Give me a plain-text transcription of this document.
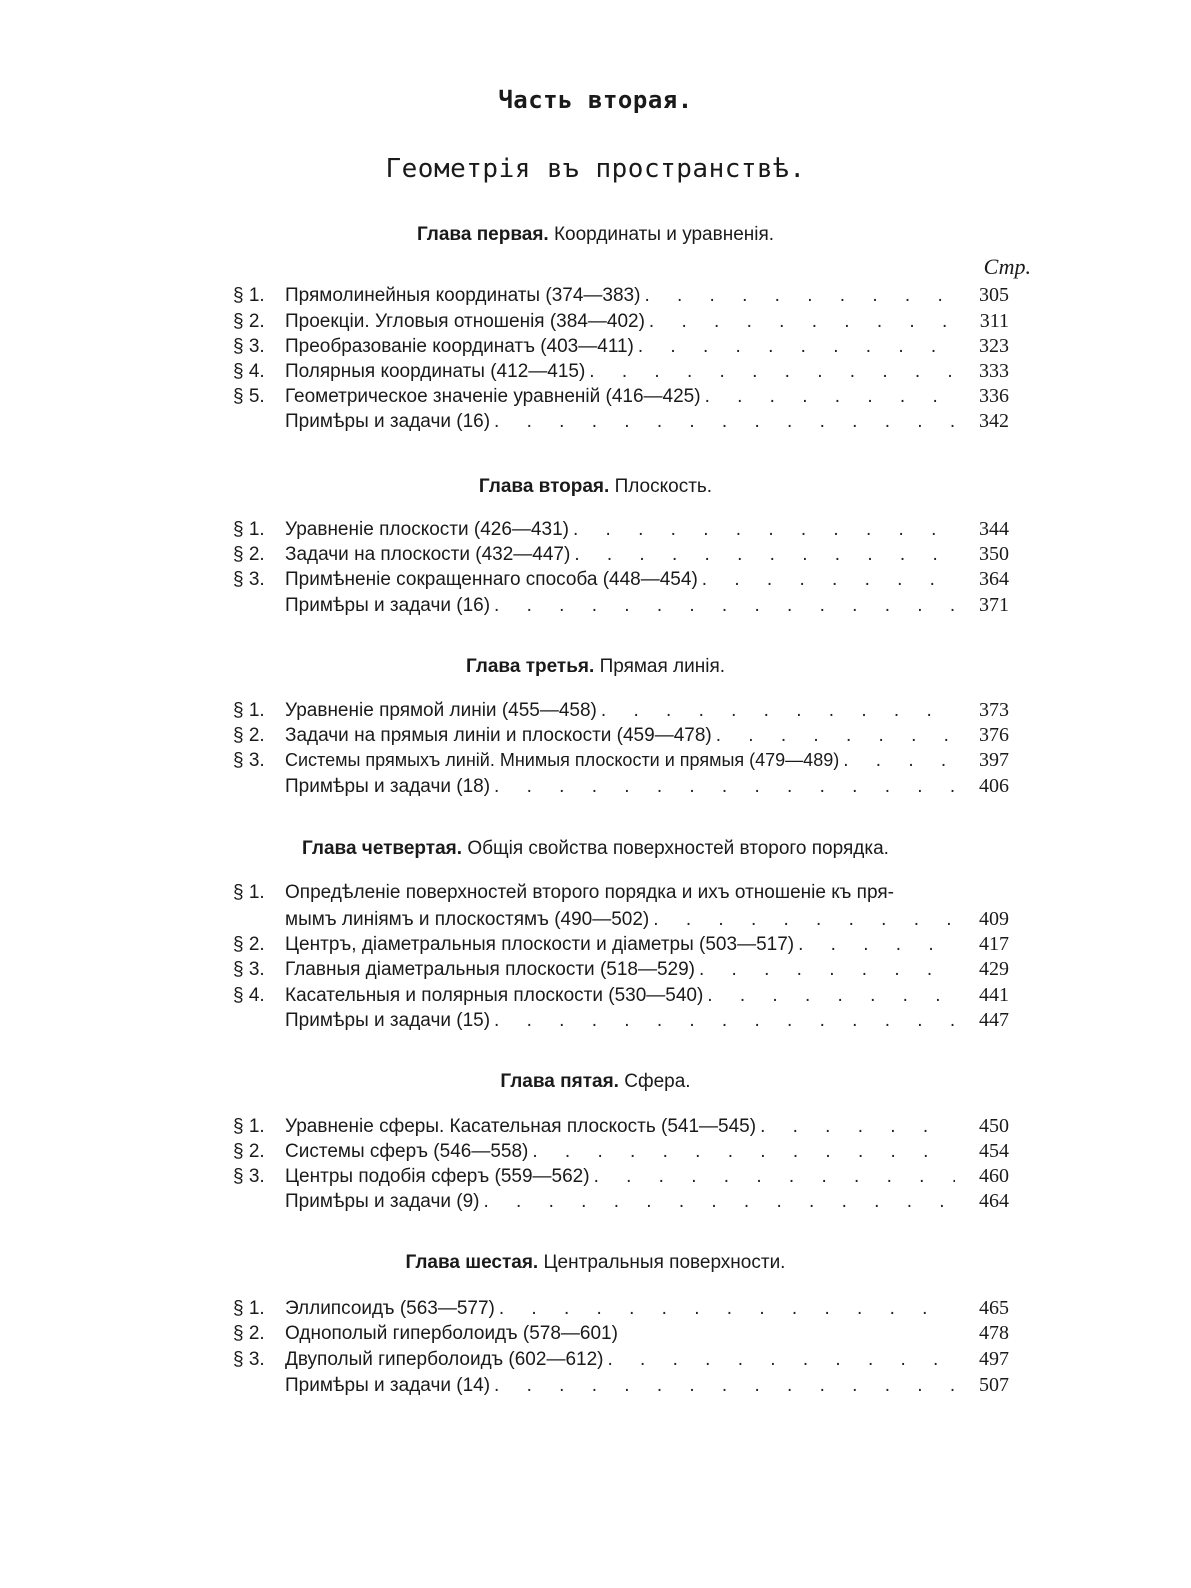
Часть вторая.
Геометрія въ пространствѣ.
Стр.
Глава первая. Координаты и уравненія.
§ 1.	Прямолинейныя координаты (374—383) . . .	305
§ 2.	Проекціи. Угловыя отношенія (384—402) . . .	311
§ 3.	Преобразованіе координатъ (403—411) . . .	323
§ 4.	Полярныя координаты (412—415) . . .	333
§ 5.	Геометрическое значеніе уравненій (416—425) . . .	336
Примѣры и задачи (16) . . .	342
Глава вторая. Плоскость.
§ 1.	Уравненіе плоскости (426—431) . . .	344
§ 2.	Задачи на плоскости (432—447) . . .	350
§ 3.	Примѣненіе сокращеннаго способа (448—454) . . .	364
Примѣры и задачи (16) . . .	371
Глава третья. Прямая линія.
§ 1.	Уравненіе прямой линіи (455—458) . . .	373
§ 2.	Задачи на прямыя линіи и плоскости (459—478) . . .	376
§ 3.	Системы прямыхъ линій. Мнимыя плоскости и прямыя (479—489) . . .	397
Примѣры и задачи (18) . . .	406
Глава четвертая. Общія свойства поверхностей второго порядка.
§ 1.	Опредѣленіе поверхностей второго порядка и ихъ отношеніе къ пря-
мымъ линіямъ и плоскостямъ (490—502) . . .	409
§ 2.	Центръ, діаметральныя плоскости и діаметры (503—517) . . .	417
§ 3.	Главныя діаметральныя плоскости (518—529) . . .	429
§ 4.	Касательныя и полярныя плоскости (530—540) . . .	441
Примѣры и задачи (15) . . .	447
Глава пятая. Сфера.
§ 1.	Уравненіе сферы. Касательная плоскость (541—545) . . .	450
§ 2.	Системы сферъ (546—558) . . .	454
§ 3.	Центры подобія сферъ (559—562) . . .	460
Примѣры и задачи (9) . . .	464
Глава шестая. Центральныя поверхности.
§ 1.	Эллипсоидъ (563—577) . . .	465
§ 2.	Однополый гиперболоидъ (578—601)	478
§ 3.	Двуполый гиперболоидъ (602—612) . . .	497
Примѣры и задачи (14) . . .	507
